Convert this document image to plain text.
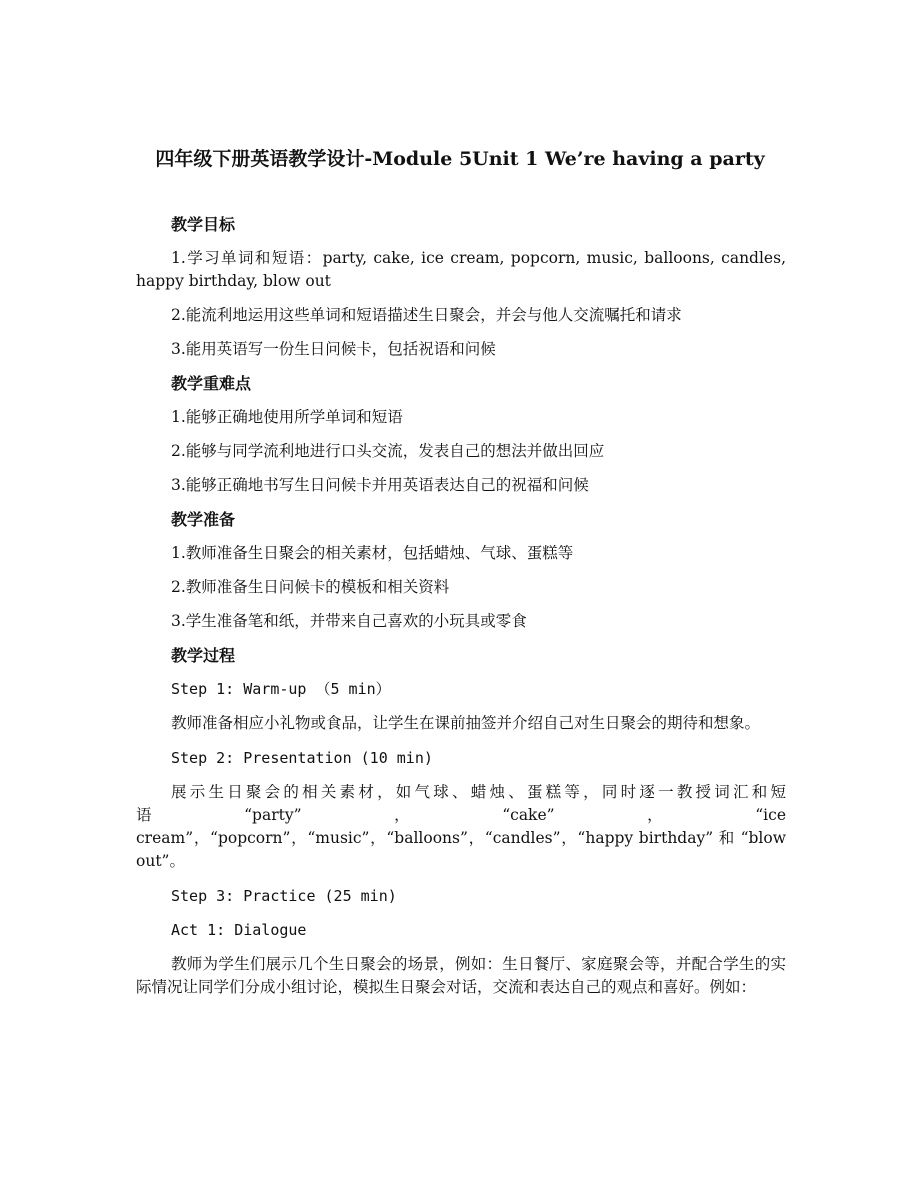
四年级下册英语教学设计-Module 5Unit 1 We’re having a party

教学目标

1.学习单词和短语：party, cake, ice cream, popcorn, music, balloons, candles, happy birthday, blow out

2.能流利地运用这些单词和短语描述生日聚会，并会与他人交流嘱托和请求

3.能用英语写一份生日问候卡，包括祝语和问候

教学重难点

1.能够正确地使用所学单词和短语

2.能够与同学流利地进行口头交流，发表自己的想法并做出回应

3.能够正确地书写生日问候卡并用英语表达自己的祝福和问候

教学准备

1.教师准备生日聚会的相关素材，包括蜡烛、气球、蛋糕等

2.教师准备生日问候卡的模板和相关资料

3.学生准备笔和纸，并带来自己喜欢的小玩具或零食

教学过程

Step 1: Warm-up （5 min）

教师准备相应小礼物或食品，让学生在课前抽签并介绍自己对生日聚会的期待和想象。

Step 2: Presentation (10 min)

展示生日聚会的相关素材，如气球、蜡烛、蛋糕等，同时逐一教授词汇和短语“party”，“cake”，“ice cream”，“popcorn”，“music”，“balloons”，“candles”，“happy birthday” 和 “blow out”。

Step 3: Practice (25 min)

Act 1: Dialogue

教师为学生们展示几个生日聚会的场景，例如：生日餐厅、家庭聚会等，并配合学生的实际情况让同学们分成小组讨论，模拟生日聚会对话，交流和表达自己的观点和喜好。例如：
